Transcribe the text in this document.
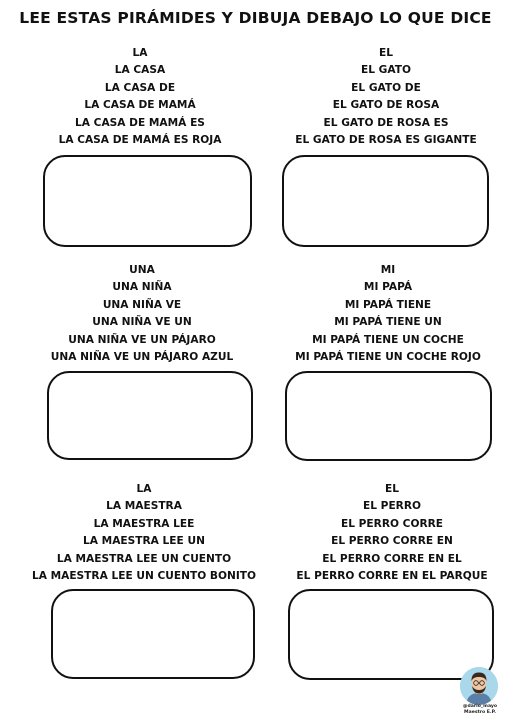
LEE ESTAS PIRÁMIDES Y DIBUJA DEBAJO LO QUE DICE
LA
LA CASA
LA CASA DE
LA CASA DE MAMÁ
LA CASA DE MAMÁ ES
LA CASA DE MAMÁ ES ROJA
EL
EL GATO
EL GATO DE
EL GATO DE ROSA
EL GATO DE ROSA ES
EL GATO DE ROSA ES GIGANTE
UNA
UNA NIÑA
UNA NIÑA VE
UNA NIÑA VE UN
UNA NIÑA VE UN PÁJARO
UNA NIÑA VE UN PÁJARO AZUL
MI
MI PAPÁ
MI PAPÁ TIENE
MI PAPÁ TIENE UN
MI PAPÁ TIENE UN COCHE
MI PAPÁ TIENE UN COCHE ROJO
LA
LA MAESTRA
LA MAESTRA LEE
LA MAESTRA LEE UN
LA MAESTRA LEE UN CUENTO
LA MAESTRA LEE UN CUENTO BONITO
EL
EL PERRO
EL PERRO CORRE
EL PERRO CORRE EN
EL PERRO CORRE EN EL
EL PERRO CORRE EN EL PARQUE
@dario_mayo
Maestro E.P.
